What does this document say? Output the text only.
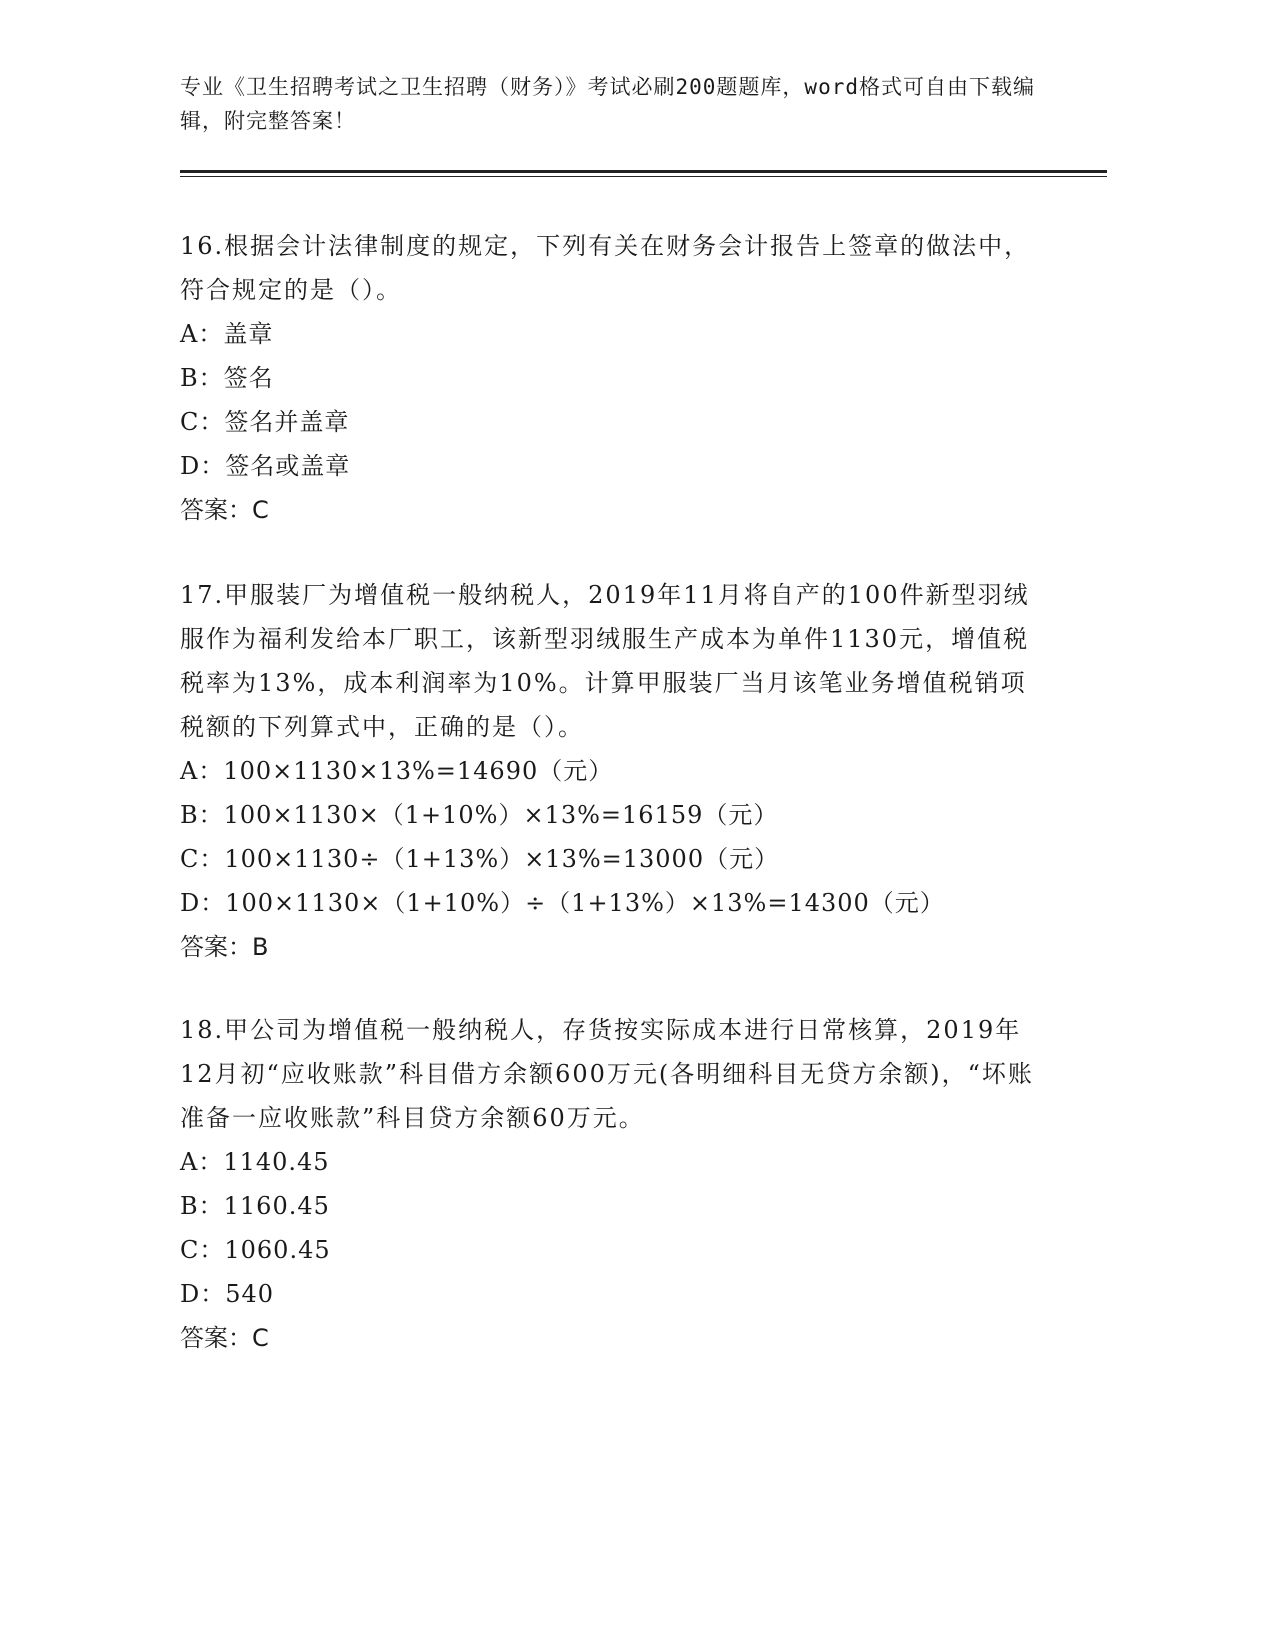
专业《卫生招聘考试之卫生招聘（财务）》考试必刷200题题库，word格式可自由下载编辑，附完整答案！
16.根据会计法律制度的规定，下列有关在财务会计报告上签章的做法中，符合规定的是（）。
A：盖章
B：签名
C：签名并盖章
D：签名或盖章
答案：C
17.甲服装厂为增值税一般纳税人，2019年11月将自产的100件新型羽绒服作为福利发给本厂职工，该新型羽绒服生产成本为单件1130元，增值税税率为13%，成本利润率为10%。计算甲服装厂当月该笔业务增值税销项税额的下列算式中，正确的是（）。
A：100×1130×13%=14690（元）
B：100×1130×（1+10%）×13%=16159（元）
C：100×1130÷（1+13%）×13%=13000（元）
D：100×1130×（1+10%）÷（1+13%）×13%=14300（元）
答案：B
18.甲公司为增值税一般纳税人，存货按实际成本进行日常核算，2019年12月初“应收账款”科目借方余额600万元(各明细科目无贷方余额)，“坏账准备一应收账款”科目贷方余额60万元。
A：1140.45
B：1160.45
C：1060.45
D：540
答案：C
